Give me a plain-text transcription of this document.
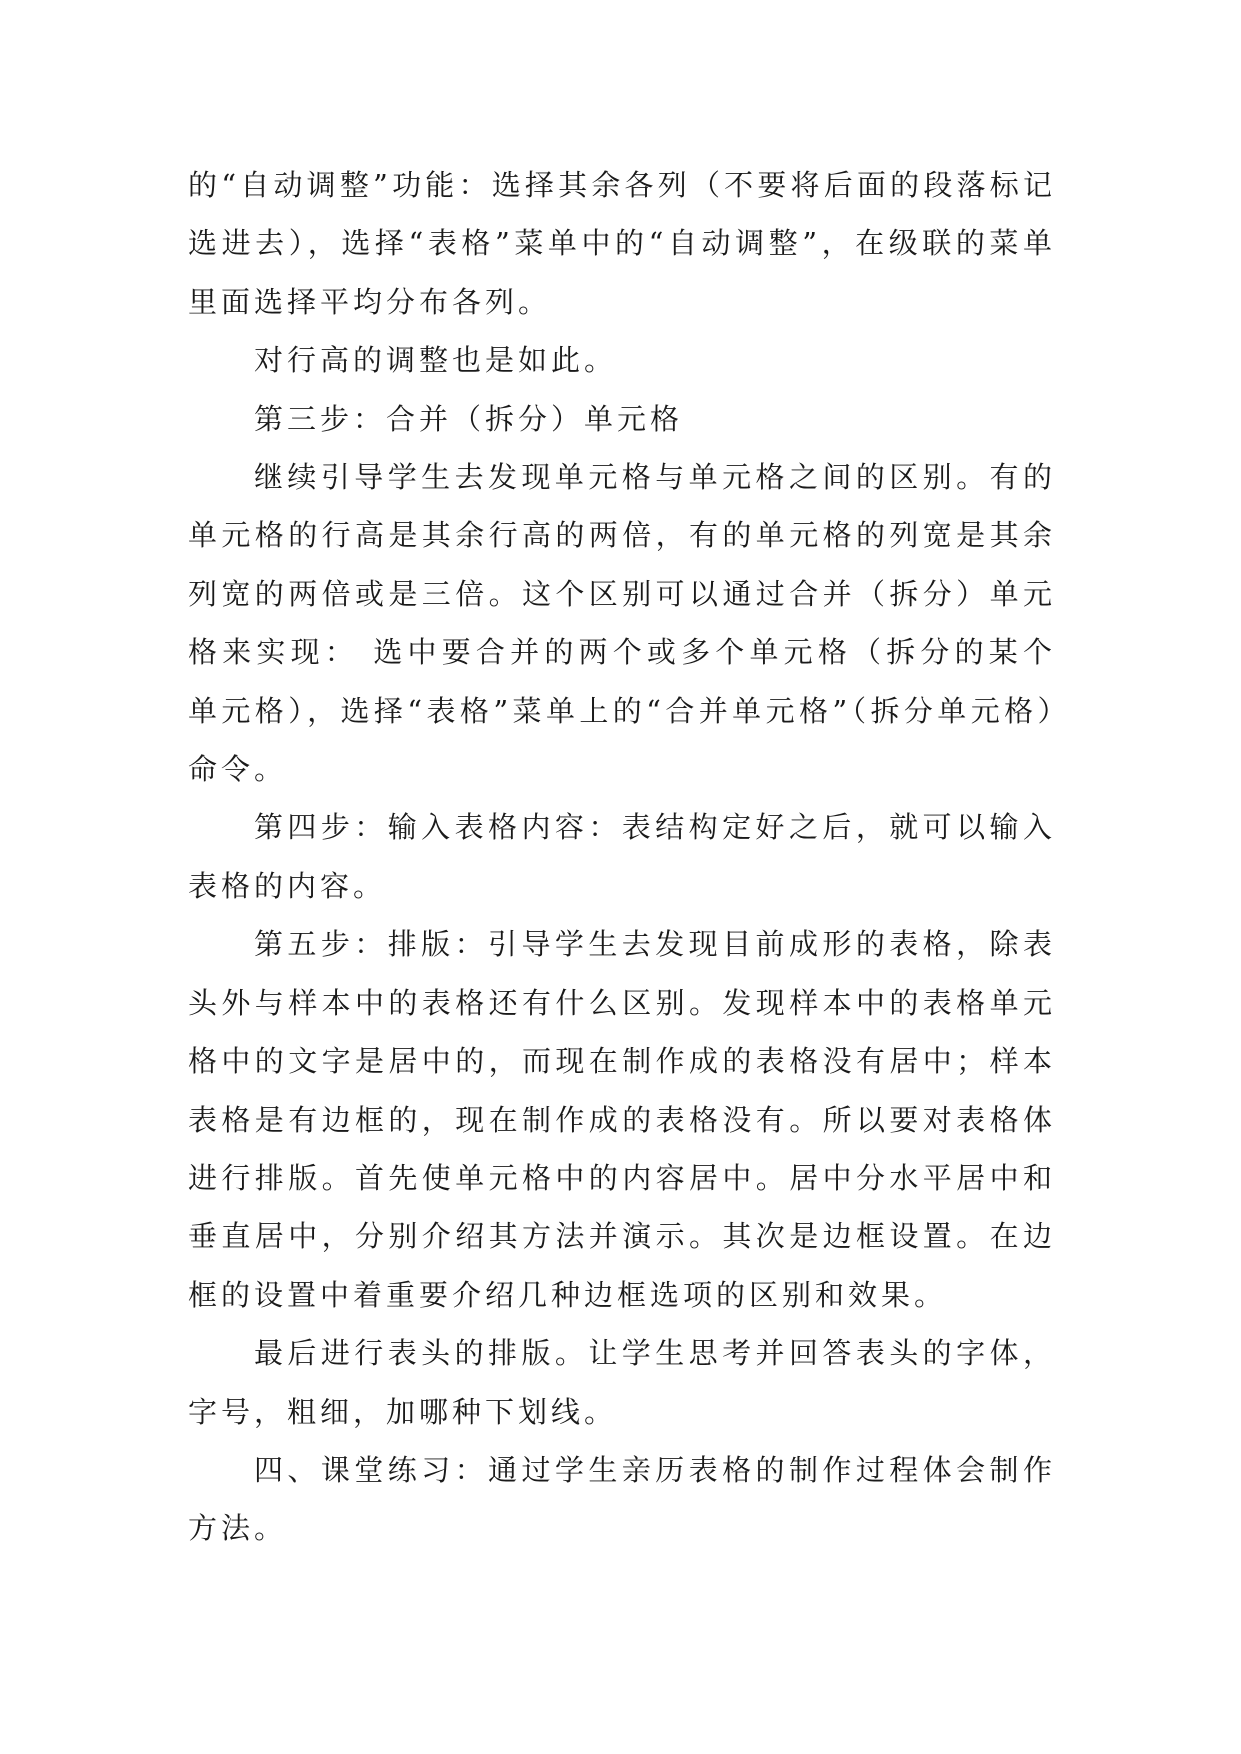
的“自动调整”功能：选择其余各列（不要将后面的段落标记选进去），选择“表格”菜单中的“自动调整”，在级联的菜单里面选择平均分布各列。

对行高的调整也是如此。

第三步：合并（拆分）单元格

继续引导学生去发现单元格与单元格之间的区别。有的单元格的行高是其余行高的两倍，有的单元格的列宽是其余列宽的两倍或是三倍。这个区别可以通过合并（拆分）单元格来实现： 选中要合并的两个或多个单元格（拆分的某个单元格），选择“表格”菜单上的“合并单元格”（拆分单元格）命令。

第四步：输入表格内容：表结构定好之后，就可以输入表格的内容。

第五步：排版：引导学生去发现目前成形的表格，除表头外与样本中的表格还有什么区别。发现样本中的表格单元格中的文字是居中的，而现在制作成的表格没有居中；样本表格是有边框的，现在制作成的表格没有。所以要对表格体进行排版。首先使单元格中的内容居中。居中分水平居中和垂直居中，分别介绍其方法并演示。其次是边框设置。在边框的设置中着重要介绍几种边框选项的区别和效果。

最后进行表头的排版。让学生思考并回答表头的字体，字号，粗细，加哪种下划线。

四、课堂练习：通过学生亲历表格的制作过程体会制作方法。
